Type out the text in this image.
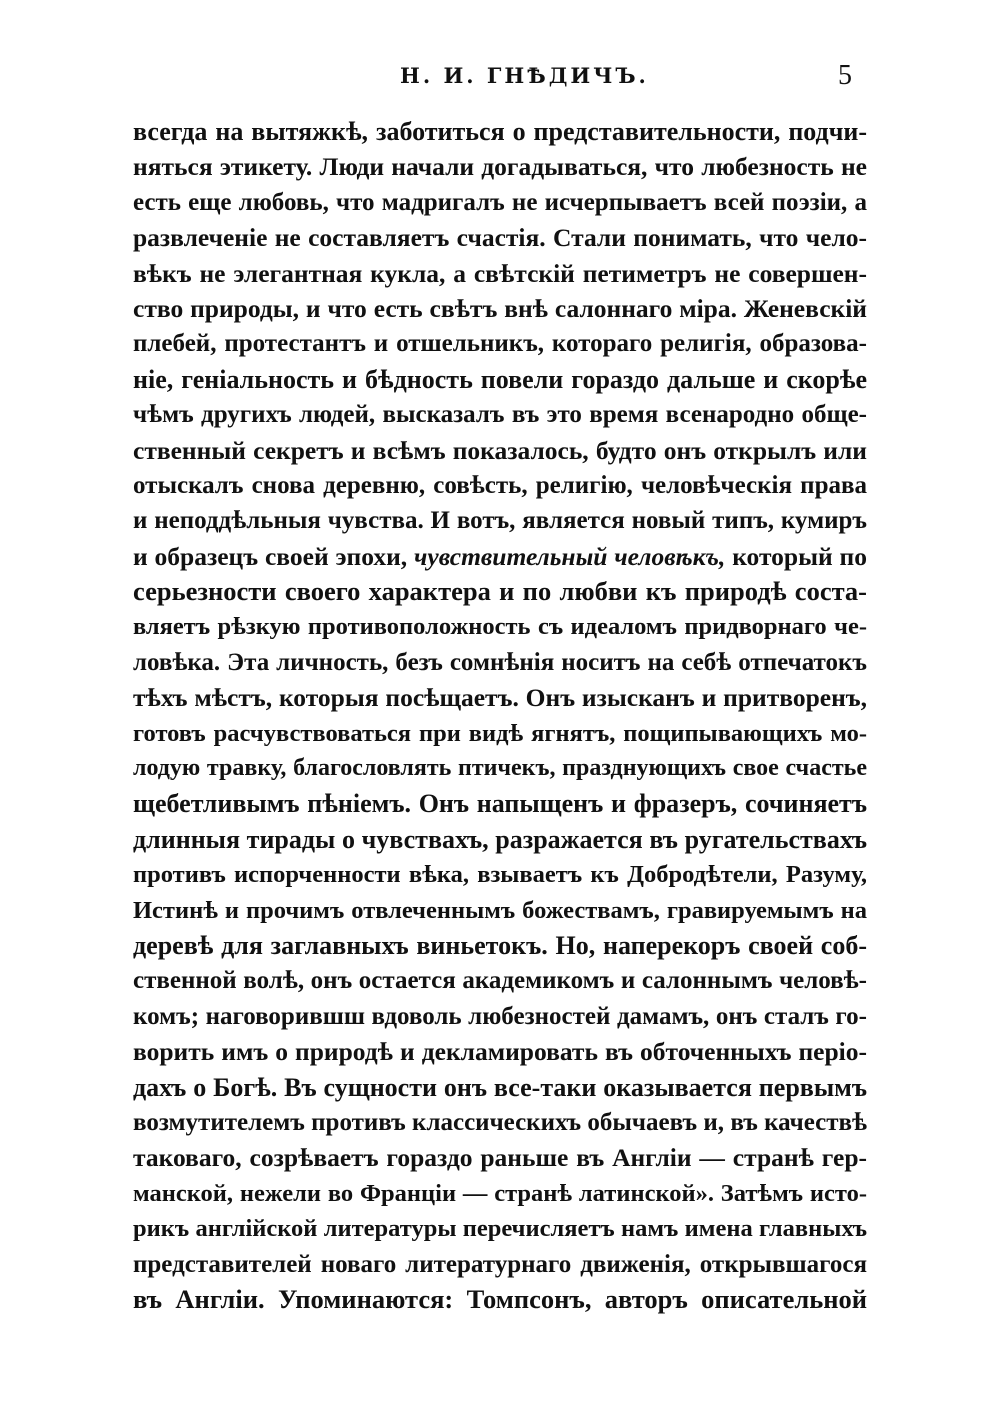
Н. И. ГНѢДИЧЪ.	5
всегда на вытяжкѣ, заботиться о представительности, подчи-
няться этикету. Люди начали догадываться, что любезность не
есть еще любовь, что мадригалъ не исчерпываетъ всей поэзіи, а
развлеченіе не составляетъ счастія. Стали понимать, что чело-
вѣкъ не элегантная кукла, а свѣтскій петиметръ не совершен-
ство природы, и что есть свѣтъ внѣ салоннаго міра. Женевскій
плебей, протестантъ и отшельникъ, котораго религія, образова-
ніе, геніальность и бѣдность повели гораздо дальше и скорѣе
чѣмъ другихъ людей, высказалъ въ это время всенародно обще-
ственный секретъ и всѣмъ показалось, будто онъ открылъ или
отыскалъ снова деревню, совѣсть, религію, человѣческія права
и неподдѣльныя чувства. И вотъ, является новый типъ, кумиръ
и образецъ своей эпохи, чувствительный человѣкъ, который по
серьезности своего характера и по любви къ природѣ соста-
вляетъ рѣзкую противоположность съ идеаломъ придворнаго че-
ловѣка. Эта личность, безъ сомнѣнія носитъ на себѣ отпечатокъ
тѣхъ мѣстъ, которыя посѣщаетъ. Онъ изысканъ и притворенъ,
готовъ расчувствоваться при видѣ ягнятъ, пощипывающихъ мо-
лодую травку, благословлять птичекъ, празднующихъ свое счастье
щебетливымъ пѣніемъ. Онъ напыщенъ и фразеръ, сочиняетъ
длинныя тирады о чувствахъ, разражается въ ругательствахъ
противъ испорченности вѣка, взываетъ къ Добродѣтели, Разуму,
Истинѣ и прочимъ отвлеченнымъ божествамъ, гравируемымъ на
деревѣ для заглавныхъ виньетокъ. Но, наперекоръ своей соб-
ственной волѣ, онъ остается академикомъ и салоннымъ человѣ-
комъ; наговорившш вдоволь любезностей дамамъ, онъ сталъ го-
ворить имъ о природѣ и декламировать въ обточенныхъ періо-
дахъ о Богѣ. Въ сущности онъ все-таки оказывается первымъ
возмутителемъ противъ классическихъ обычаевъ и, въ качествѣ
таковаго, созрѣваетъ гораздо раньше въ Англіи — странѣ гер-
манской, нежели во Франціи — странѣ латинской». Затѣмъ исто-
рикъ англійской литературы перечисляетъ намъ имена главныхъ
представителей новаго литературнаго движенія, открывшагося
въ Англіи. Упоминаются: Томпсонъ, авторъ описательной
